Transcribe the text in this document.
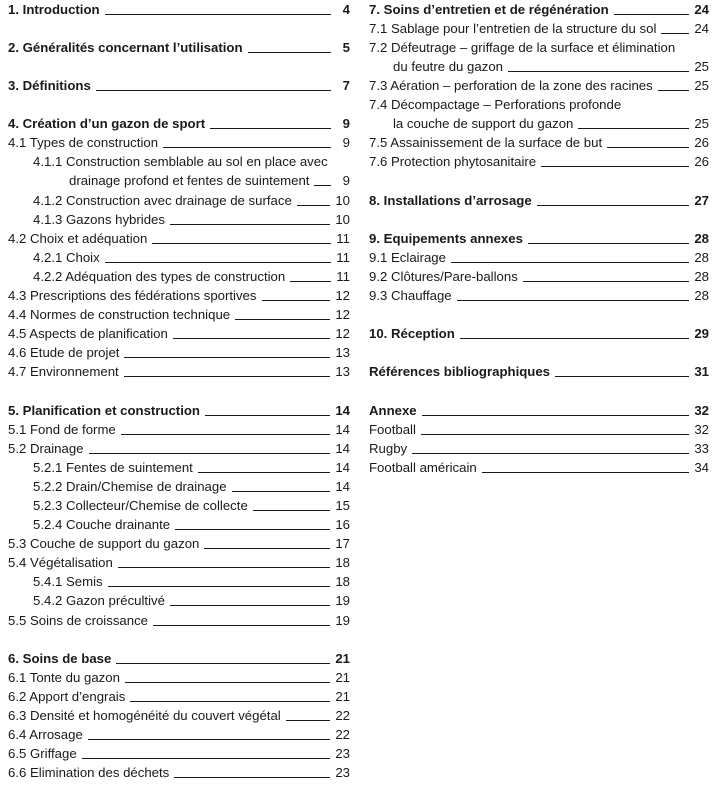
1. Introduction	4
2. Généralités concernant l’utilisation	5
3. Définitions	7
4. Création d’un gazon de sport	9
4.1 Types de construction	9
4.1.1 Construction semblable au sol en place avec
drainage profond et fentes de suintement	9
4.1.2 Construction avec drainage de surface	10
4.1.3 Gazons hybrides	10
4.2 Choix et adéquation	11
4.2.1 Choix	11
4.2.2 Adéquation des types de construction	11
4.3 Prescriptions des fédérations sportives	12
4.4 Normes de construction technique	12
4.5 Aspects de planification	12
4.6 Etude de projet	13
4.7 Environnement	13
5. Planification et construction	14
5.1 Fond de forme	14
5.2 Drainage	14
5.2.1 Fentes de suintement	14
5.2.2 Drain/Chemise de drainage	14
5.2.3 Collecteur/Chemise de collecte	15
5.2.4 Couche drainante	16
5.3 Couche de support du gazon	17
5.4 Végétalisation	18
5.4.1 Semis	18
5.4.2 Gazon précultivé	19
5.5 Soins de croissance	19
6. Soins de base	21
6.1 Tonte du gazon	21
6.2 Apport d’engrais	21
6.3 Densité et homogénéité du couvert végétal	22
6.4 Arrosage	22
6.5 Griffage	23
6.6 Elimination des déchets	23
7. Soins d’entretien et de régénération	24
7.1 Sablage pour l’entretien de la structure du sol	24
7.2 Défeutrage – griffage de la surface et élimination
du feutre du gazon	25
7.3 Aération – perforation de la zone des racines	25
7.4 Décompactage – Perforations profonde
la couche de support du gazon	25
7.5 Assainissement de la surface de but	26
7.6 Protection phytosanitaire	26
8. Installations d’arrosage	27
9. Equipements annexes	28
9.1 Eclairage	28
9.2 Clôtures/Pare-ballons	28
9.3 Chauffage	28
10. Réception	29
Références bibliographiques	31
Annexe	32
Football	32
Rugby	33
Football américain	34
